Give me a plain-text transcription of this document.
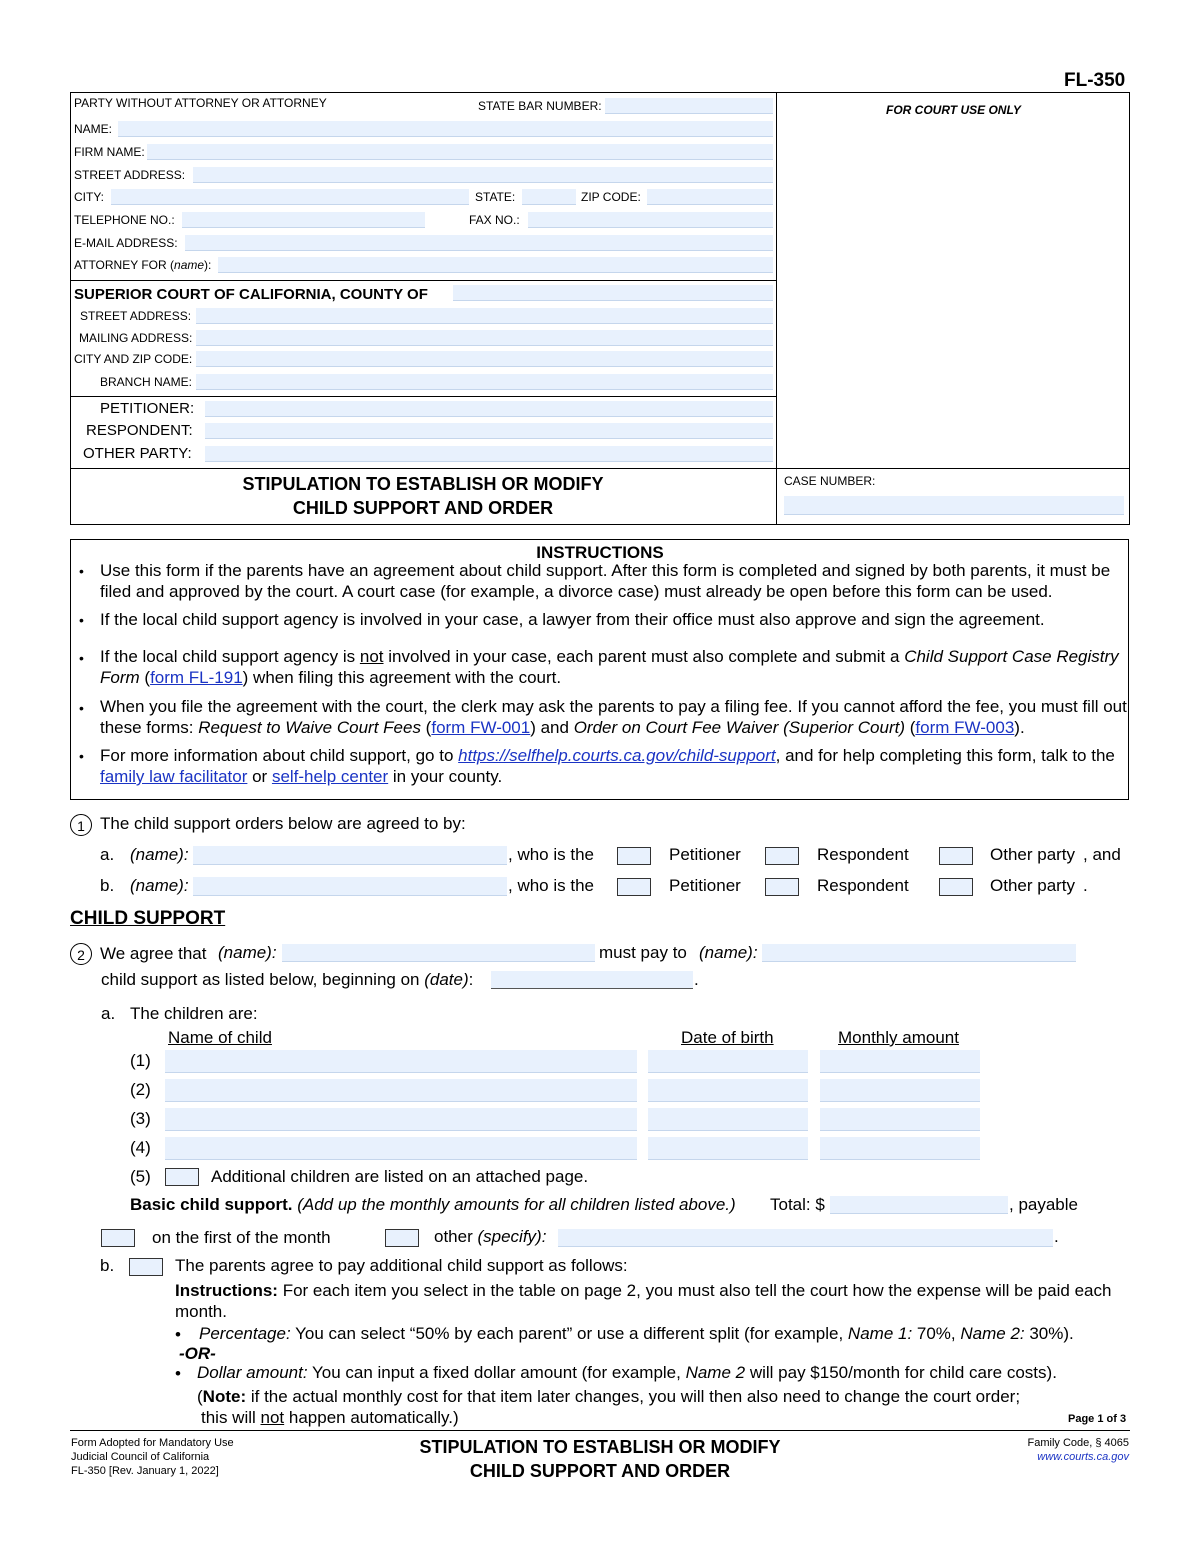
FL-350
PARTY WITHOUT ATTORNEY OR ATTORNEY	STATE BAR NUMBER:
NAME:
FIRM NAME:
STREET ADDRESS:
CITY:	STATE:	ZIP CODE:
TELEPHONE NO.:	FAX NO.:
E-MAIL ADDRESS:
ATTORNEY FOR (name):
FOR COURT USE ONLY
SUPERIOR COURT OF CALIFORNIA, COUNTY OF
STREET ADDRESS:
MAILING ADDRESS:
CITY AND ZIP CODE:
BRANCH NAME:
PETITIONER:
RESPONDENT:
OTHER PARTY:
STIPULATION TO ESTABLISH OR MODIFY
CHILD SUPPORT AND ORDER
CASE NUMBER:
INSTRUCTIONS
• Use this form if the parents have an agreement about child support. After this form is completed and signed by both parents, it must be filed and approved by the court. A court case (for example, a divorce case) must already be open before this form can be used.
• If the local child support agency is involved in your case, a lawyer from their office must also approve and sign the agreement.
• If the local child support agency is not involved in your case, each parent must also complete and submit a Child Support Case Registry Form (form FL-191) when filing this agreement with the court.
• When you file the agreement with the court, the clerk may ask the parents to pay a filing fee. If you cannot afford the fee, you must fill out these forms: Request to Waive Court Fees (form FW-001) and Order on Court Fee Waiver (Superior Court) (form FW-003).
• For more information about child support, go to https://selfhelp.courts.ca.gov/child-support, and for help completing this form, talk to the family law facilitator or self-help center in your county.
1 The child support orders below are agreed to by:
a. (name):	, who is the	Petitioner	Respondent	Other party , and
b. (name):	, who is the	Petitioner	Respondent	Other party .
CHILD SUPPORT
2 We agree that (name):	must pay to (name):
child support as listed below, beginning on (date):	.
a. The children are:
Name of child	Date of birth	Monthly amount
(1)
(2)
(3)
(4)
(5)	Additional children are listed on an attached page.
Basic child support. (Add up the monthly amounts for all children listed above.) Total: $	, payable
on the first of the month	other (specify):	.
b.	The parents agree to pay additional child support as follows:
Instructions: For each item you select in the table on page 2, you must also tell the court how the expense will be paid each month.
• Percentage: You can select “50% by each parent” or use a different split (for example, Name 1: 70%, Name 2: 30%).
-OR-
• Dollar amount: You can input a fixed dollar amount (for example, Name 2 will pay $150/month for child care costs).
(Note: if the actual monthly cost for that item later changes, you will then also need to change the court order;
this will not happen automatically.)	Page 1 of 3
Form Adopted for Mandatory Use
Judicial Council of California
FL-350 [Rev. January 1, 2022]
STIPULATION TO ESTABLISH OR MODIFY
CHILD SUPPORT AND ORDER
Family Code, § 4065
www.courts.ca.gov
